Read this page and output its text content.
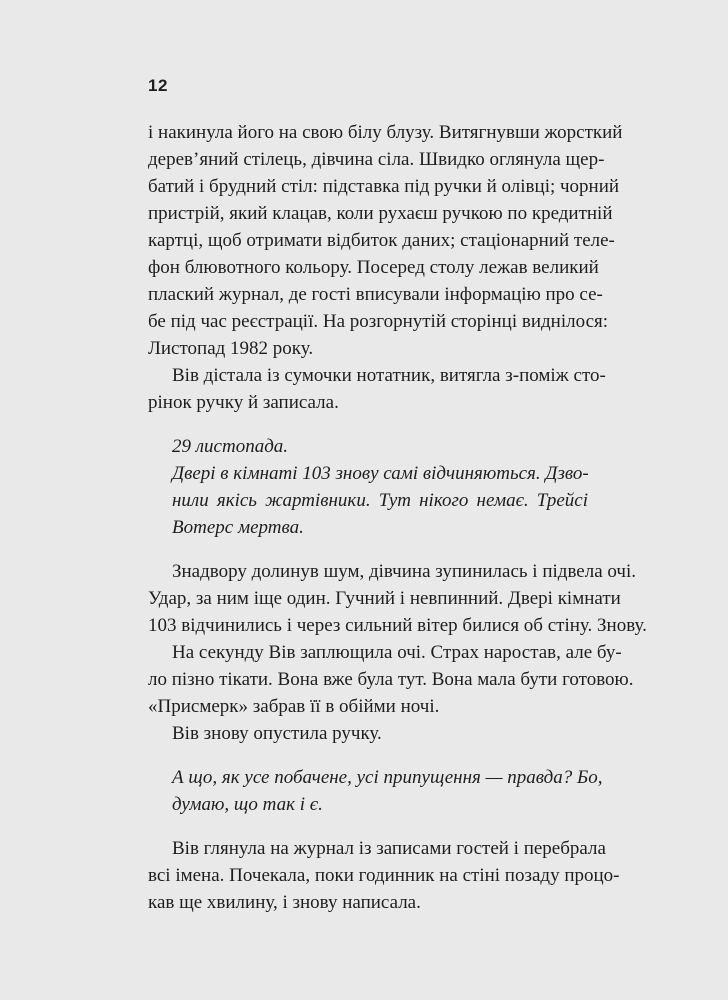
12
і накинула його на свою білу блузу. Витягнувши жорсткий
дерев’яний стілець, дівчина сіла. Швидко оглянула щер-
батий і брудний стіл: підставка під ручки й олівці; чорний
пристрій, який клацав, коли рухаєш ручкою по кредитній
картці, щоб отримати відбиток даних; стаціонарний теле-
фон блювотного кольору. Посеред столу лежав великий
плаский журнал, де гості вписували інформацію про се-
бе під час реєстрації. На розгорнутій сторінці виднілося:
Листопад 1982 року.
Вів дістала із сумочки нотатник, витягла з-поміж сто-
рінок ручку й записала.
29 листопада.
Двері в кімнаті 103 знову самі відчиняються. Дзво-
нили якісь жартівники. Тут нікого немає. Трейсі
Вотерс мертва.
Знадвору долинув шум, дівчина зупинилась і підвела очі.
Удар, за ним іще один. Гучний і невпинний. Двері кімнати
103 відчинились і через сильний вітер билися об стіну. Знову.
На секунду Вів заплющила очі. Страх наростав, але бу-
ло пізно тікати. Вона вже була тут. Вона мала бути готовою.
«Присмерк» забрав її в обійми ночі.
Вів знову опустила ручку.
А що, як усе побачене, усі припущення — правда? Бо,
думаю, що так і є.
Вів глянула на журнал із записами гостей і перебрала
всі імена. Почекала, поки годинник на стіні позаду процо-
кав ще хвилину, і знову написала.
